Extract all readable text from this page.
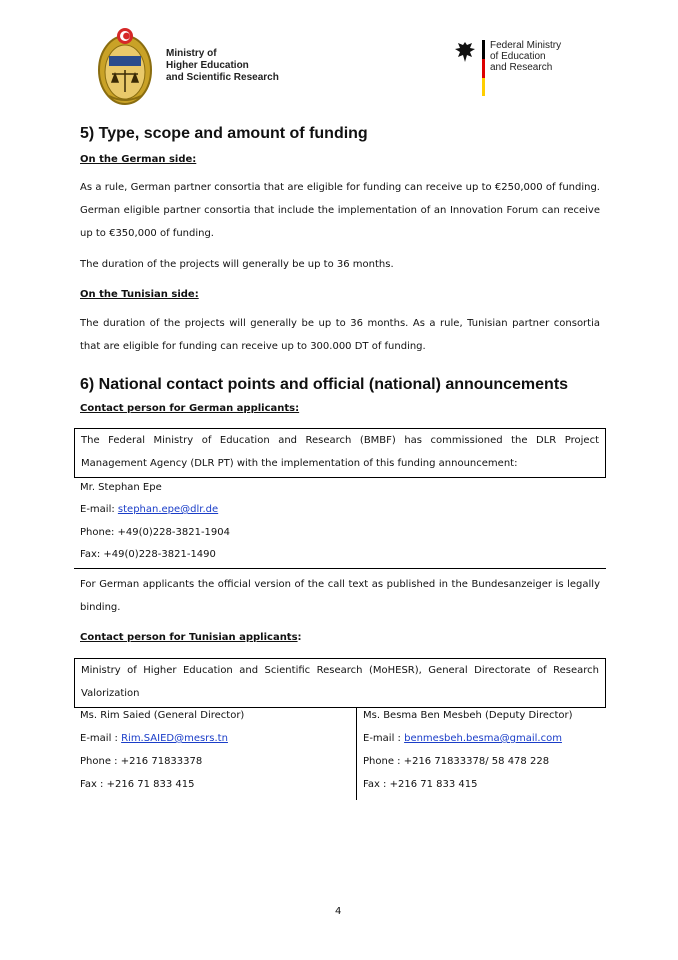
Ministry of
Higher Education
and Scientific Research
Federal Ministry
of Education
and Research
5) Type, scope and amount of funding

On the German side:

As a rule, German partner consortia that are eligible for funding can receive up to €250,000 of funding. German eligible partner consortia that include the implementation of an Innovation Forum can receive up to €350,000 of funding.

The duration of the projects will generally be up to 36 months.

On the Tunisian side:

The duration of the projects will generally be up to 36 months. As a rule, Tunisian partner consortia that are eligible for funding can receive up to 300.000 DT of funding.

6) National contact points and official (national) announcements

Contact person for German applicants:

The Federal Ministry of Education and Research (BMBF) has commissioned the DLR Project Management Agency (DLR PT) with the implementation of this funding announcement:

Mr. Stephan Epe

E-mail: stephan.epe@dlr.de

Phone: +49(0)228-3821-1904

Fax: +49(0)228-3821-1490

For German applicants the official version of the call text as published in the Bundesanzeiger is legally binding.

Contact person for Tunisian applicants:

Ministry of Higher Education and Scientific Research (MoHESR), General Directorate of Research Valorization

Ms. Rim Saied (General Director)

E-mail : Rim.SAIED@mesrs.tn

Phone : +216 71833378

Fax : +216 71 833 415

Ms. Besma Ben Mesbeh (Deputy Director)

E-mail : benmesbeh.besma@gmail.com

Phone : +216 71833378/ 58 478 228

Fax : +216 71 833 415

4
